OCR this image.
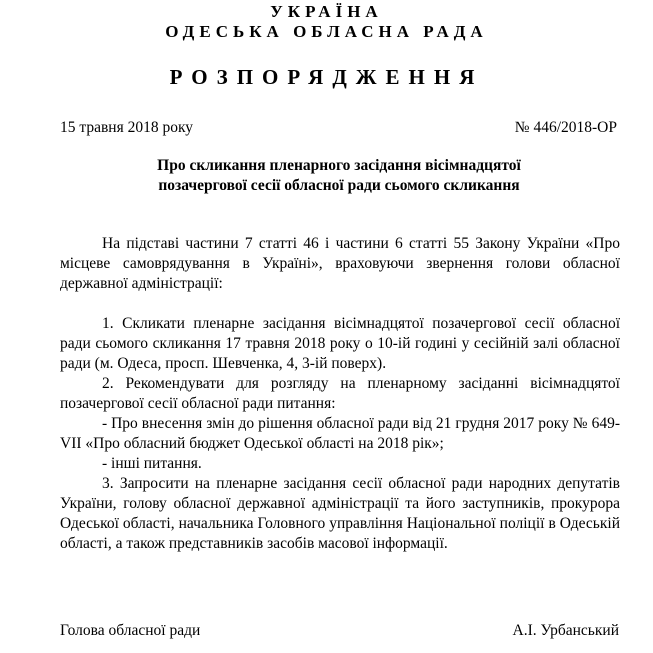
УКРАЇНА
ОДЕСЬКА ОБЛАСНА РАДА
РОЗПОРЯДЖЕННЯ
15 травня 2018 року	№ 446/2018-ОР
Про скликання пленарного засідання вісімнадцятої
позачергової сесії обласної ради сьомого скликання

На підставі частини 7 статті 46 і частини 6 статті 55 Закону України «Про місцеве самоврядування в Україні», враховуючи звернення голови обласної державної адміністрації:

1. Скликати пленарне засідання вісімнадцятої позачергової сесії обласної ради сьомого скликання 17 травня 2018 року о 10-ій годині у сесійній залі обласної ради (м. Одеса, просп. Шевченка, 4, 3-ій поверх).

2. Рекомендувати для розгляду на пленарному засіданні вісімнадцятої позачергової сесії обласної ради питання:

- Про внесення змін до рішення обласної ради від 21 грудня 2017 року № 649-VII «Про обласний бюджет Одеської області на 2018 рік»;

- інші питання.

3. Запросити на пленарне засідання сесії обласної ради народних депутатів України, голову обласної державної адміністрації та його заступників, прокурора Одеської області, начальника Головного управління Національної поліції в Одеській області, а також представників засобів масової інформації.

Голова обласної ради	А.І. Урбанський
